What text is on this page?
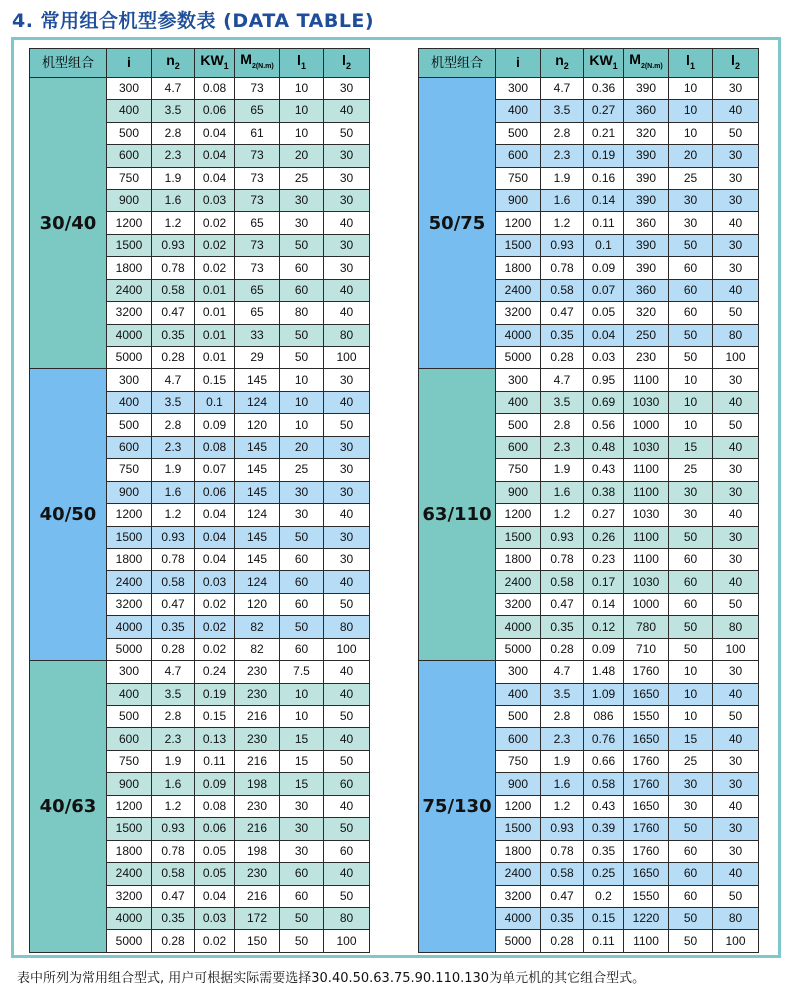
4. 常用组合机型参数表 (DATA TABLE)
机型组合	i	$n_2$	$KW_1$	$M_{2(N.m)}$	$l_1$	$l_2$
30/40	300	4.7	0.08	73	10	30
	400	3.5	0.06	65	10	40
	500	2.8	0.04	61	10	50
	600	2.3	0.04	73	20	30
	750	1.9	0.04	73	25	30
	900	1.6	0.03	73	30	30
	1200	1.2	0.02	65	30	40
	1500	0.93	0.02	73	50	30
	1800	0.78	0.02	73	60	30
	2400	0.58	0.01	65	60	40
	3200	0.47	0.01	65	80	40
	4000	0.35	0.01	33	50	80
	5000	0.28	0.01	29	50	100
40/50	300	4.7	0.15	145	10	30
	400	3.5	0.1	124	10	40
	500	2.8	0.09	120	10	50
	600	2.3	0.08	145	20	30
	750	1.9	0.07	145	25	30
	900	1.6	0.06	145	30	30
	1200	1.2	0.04	124	30	40
	1500	0.93	0.04	145	50	30
	1800	0.78	0.04	145	60	30
	2400	0.58	0.03	124	60	40
	3200	0.47	0.02	120	60	50
	4000	0.35	0.02	82	50	80
	5000	0.28	0.02	82	60	100
40/63	300	4.7	0.24	230	7.5	40
	400	3.5	0.19	230	10	40
	500	2.8	0.15	216	10	50
	600	2.3	0.13	230	15	40
	750	1.9	0.11	216	15	50
	900	1.6	0.09	198	15	60
	1200	1.2	0.08	230	30	40
	1500	0.93	0.06	216	30	50
	1800	0.78	0.05	198	30	60
	2400	0.58	0.05	230	60	40
	3200	0.47	0.04	216	60	50
	4000	0.35	0.03	172	50	80
	5000	0.28	0.02	150	50	100
机型组合	i	$n_2$	$KW_1$	$M_{2(N.m)}$	$l_1$	$l_2$
50/75	300	4.7	0.36	390	10	30
	400	3.5	0.27	360	10	40
	500	2.8	0.21	320	10	50
	600	2.3	0.19	390	20	30
	750	1.9	0.16	390	25	30
	900	1.6	0.14	390	30	30
	1200	1.2	0.11	360	30	40
	1500	0.93	0.1	390	50	30
	1800	0.78	0.09	390	60	30
	2400	0.58	0.07	360	60	40
	3200	0.47	0.05	320	60	50
	4000	0.35	0.04	250	50	80
	5000	0.28	0.03	230	50	100
63/110	300	4.7	0.95	1100	10	30
	400	3.5	0.69	1030	10	40
	500	2.8	0.56	1000	10	50
	600	2.3	0.48	1030	15	40
	750	1.9	0.43	1100	25	30
	900	1.6	0.38	1100	30	30
	1200	1.2	0.27	1030	30	40
	1500	0.93	0.26	1100	50	30
	1800	0.78	0.23	1100	60	30
	2400	0.58	0.17	1030	60	40
	3200	0.47	0.14	1000	60	50
	4000	0.35	0.12	780	50	80
	5000	0.28	0.09	710	50	100
75/130	300	4.7	1.48	1760	10	30
	400	3.5	1.09	1650	10	40
	500	2.8	086	1550	10	50
	600	2.3	0.76	1650	15	40
	750	1.9	0.66	1760	25	30
	900	1.6	0.58	1760	30	30
	1200	1.2	0.43	1650	30	40
	1500	0.93	0.39	1760	50	30
	1800	0.78	0.35	1760	60	30
	2400	0.58	0.25	1650	60	40
	3200	0.47	0.2	1550	60	50
	4000	0.35	0.15	1220	50	80
	5000	0.28	0.11	1100	50	100
表中所列为常用组合型式, 用户可根据实际需要选择30.40.50.63.75.90.110.130为单元机的其它组合型式。
